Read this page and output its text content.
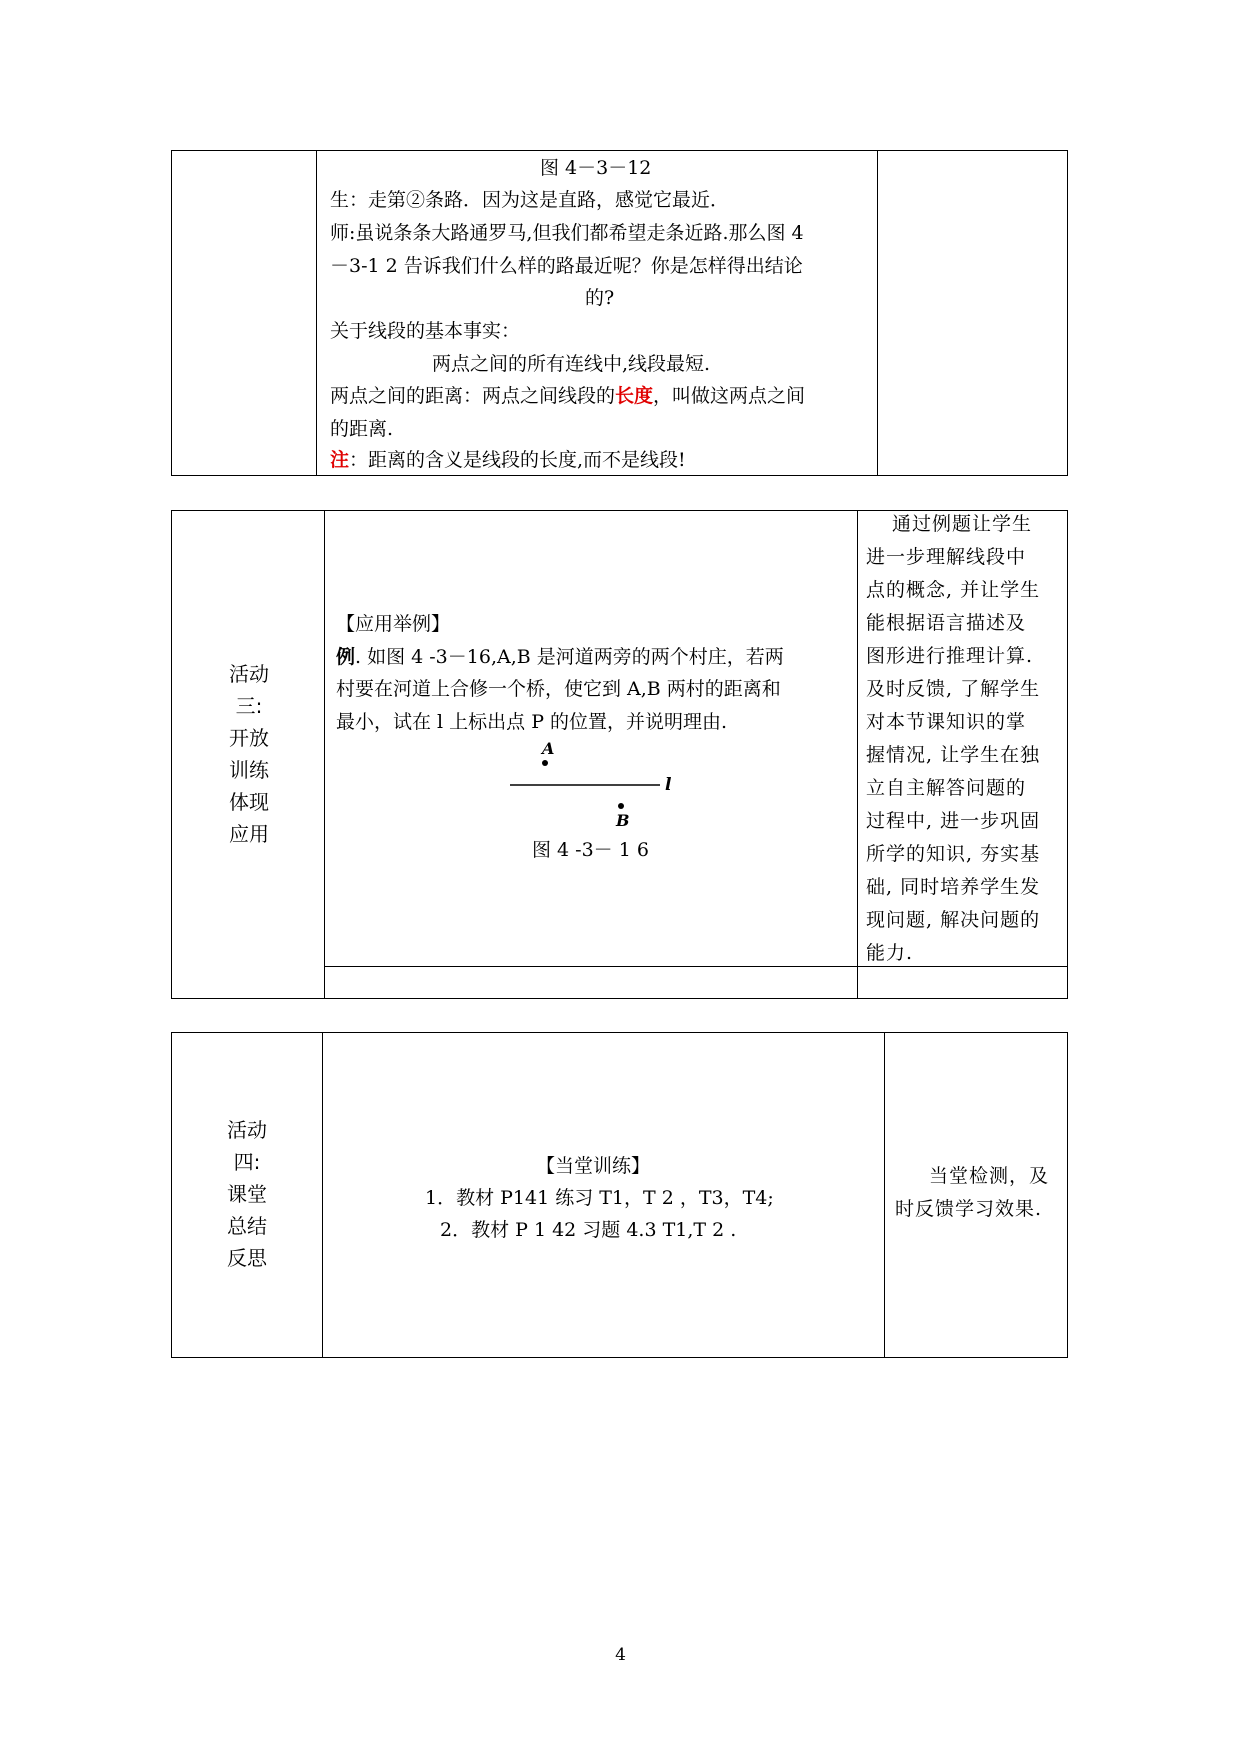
图 4－3－12
生：走第②条路．因为这是直路，感觉它最近．
师:虽说条条大路通罗马,但我们都希望走条近路.那么图 4
－3-1 2 告诉我们什么样的路最近呢？你是怎样得出结论
的?
关于线段的基本事实：
两点之间的所有连线中,线段最短.
两点之间的距离：两点之间线段的长度，叫做这两点之间
的距离.
注：距离的含义是线段的长度,而不是线段!
活动
三:
开放
训练
体现
应用
【应用举例】
例. 如图 4 -3－16,A,B 是河道两旁的两个村庄，若两
村要在河道上合修一个桥，使它到 A,B 两村的距离和
最小，试在 l 上标出点 P 的位置，并说明理由.
A
l
B
图 4 -3－ 1 6
通过例题让学生
进一步理解线段中
点的概念, 并让学生
能根据语言描述及
图形进行推理计算.
及时反馈, 了解学生
对本节课知识的掌
握情况, 让学生在独
立自主解答问题的
过程中, 进一步巩固
所学的知识, 夯实基
础, 同时培养学生发
现问题, 解决问题的
能力.
活动
四:
课堂
总结
反思
【当堂训练】
1．教材 P141 练习 T1，T 2 ，T3，T4;
2．教材 P 1 42 习题 4.3 T1,T 2 .
当堂检测，及
时反馈学习效果.
4
